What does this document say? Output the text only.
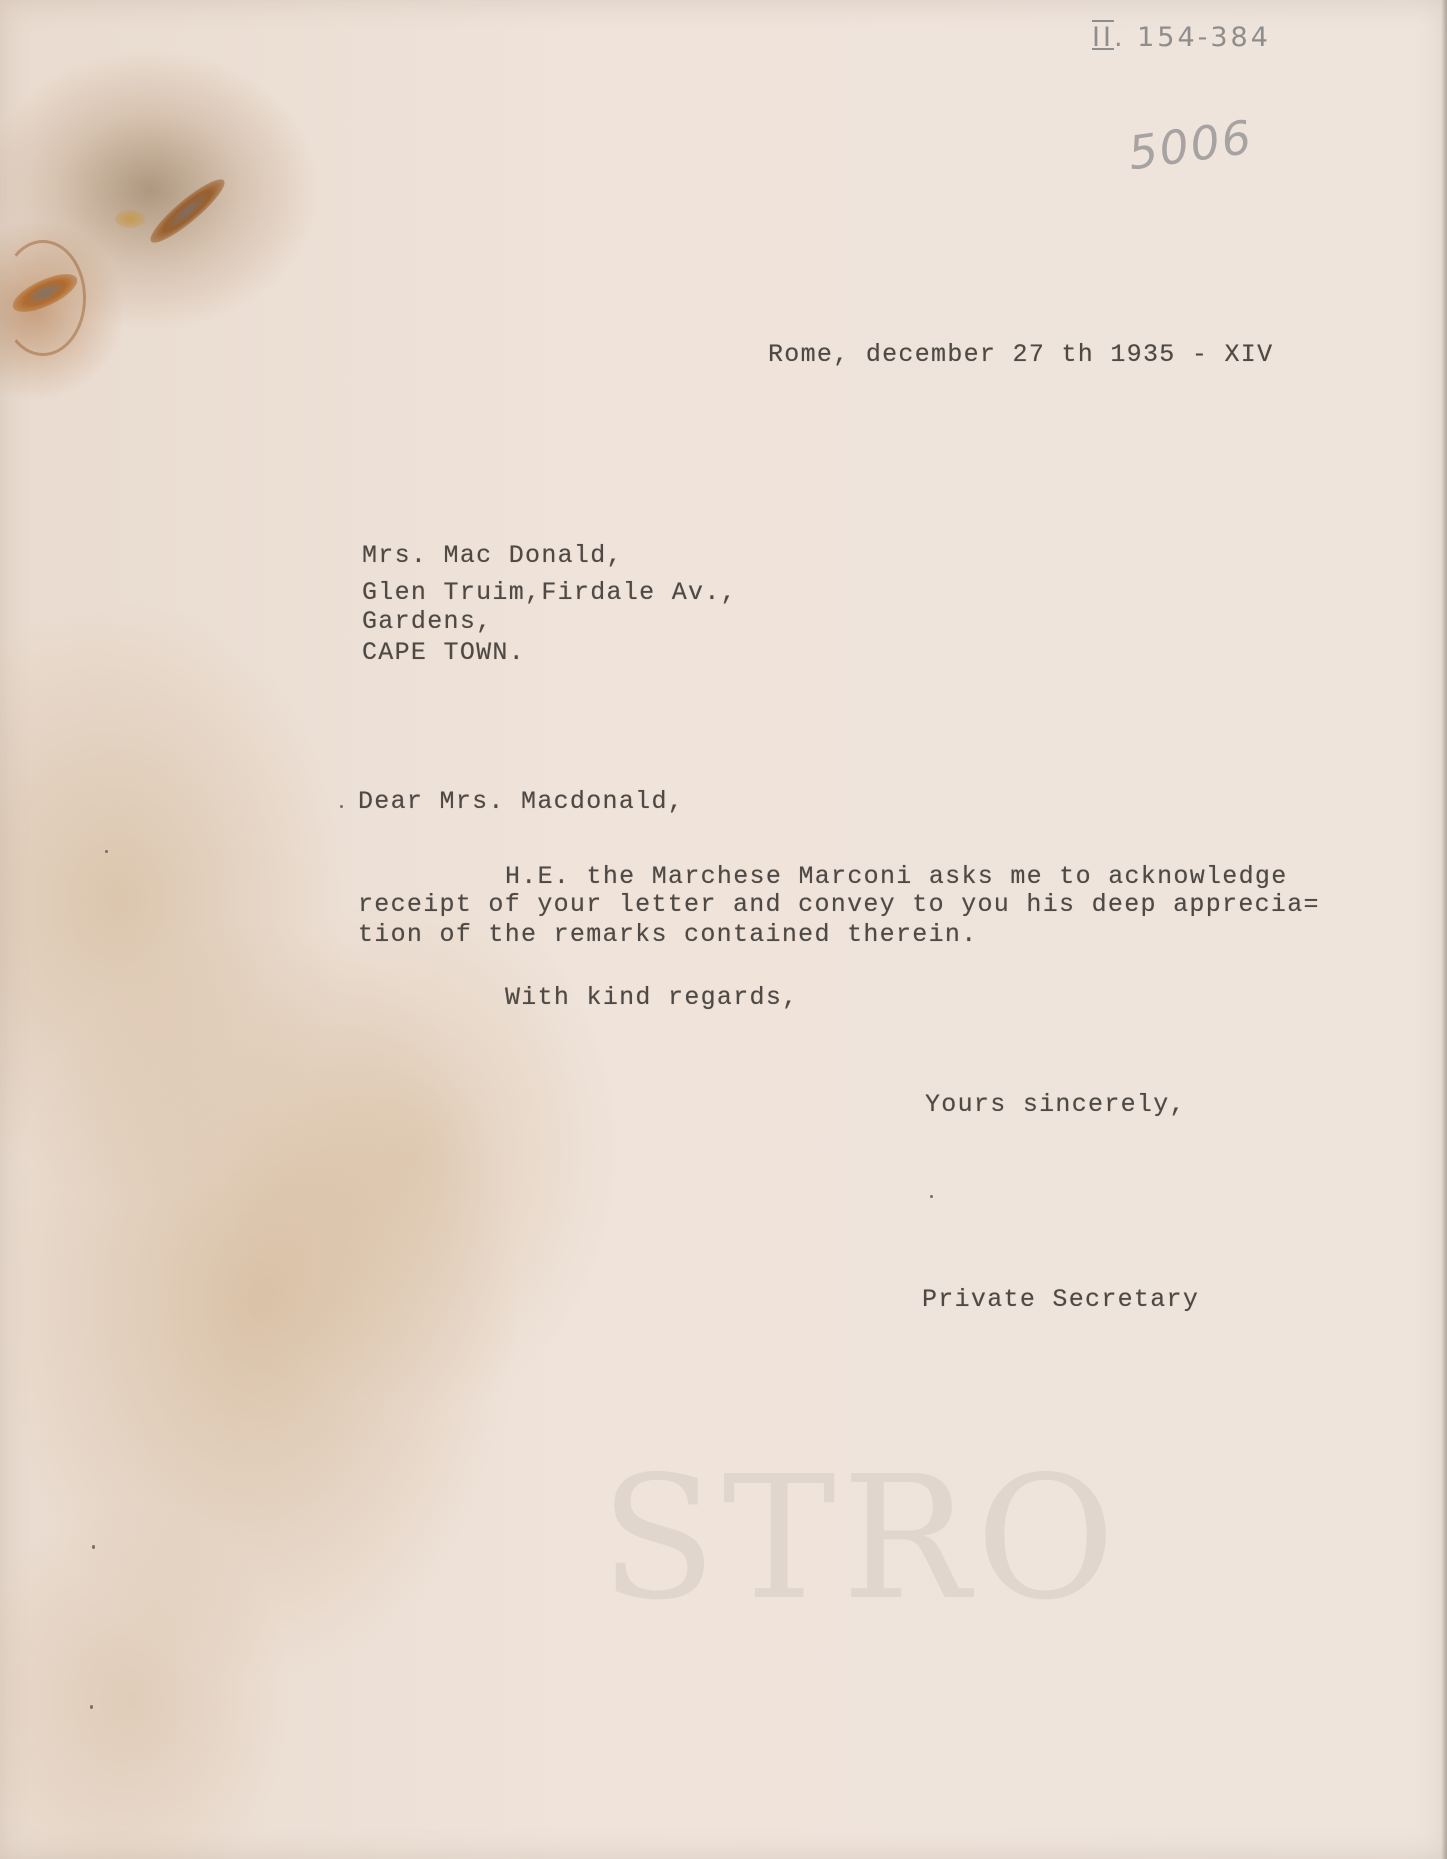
STRO
II. 154-384
5006
Rome, december 27 th 1935 - XIV
Mrs. Mac Donald,
Glen Truim,Firdale Av.,
Gardens,
CAPE TOWN.
Dear Mrs. Macdonald,
H.E. the Marchese Marconi asks me to acknowledge
receipt of your letter and convey to you his deep apprecia=
tion of the remarks contained therein.
With kind regards,
Yours sincerely,
Private Secretary
